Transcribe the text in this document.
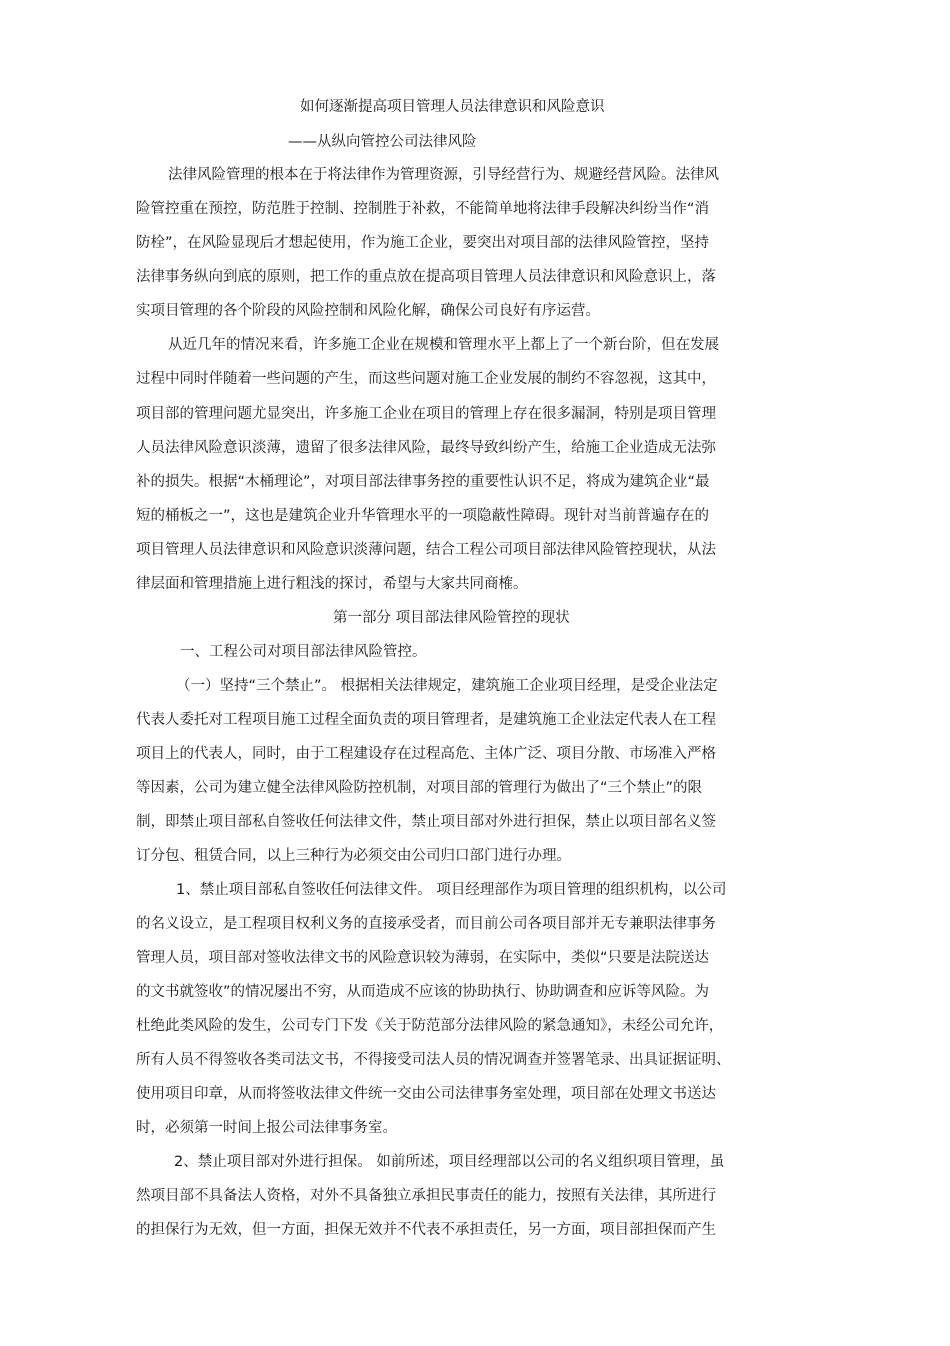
如何逐渐提高项目管理人员法律意识和风险意识
——从纵向管控公司法律风险
法律风险管理的根本在于将法律作为管理资源，引导经营行为、规避经营风险。法律风
险管控重在预控，防范胜于控制、控制胜于补救，不能简单地将法律手段解决纠纷当作“消
防栓”，在风险显现后才想起使用，作为施工企业，要突出对项目部的法律风险管控，坚持
法律事务纵向到底的原则，把工作的重点放在提高项目管理人员法律意识和风险意识上，落
实项目管理的各个阶段的风险控制和风险化解，确保公司良好有序运营。
从近几年的情况来看，许多施工企业在规模和管理水平上都上了一个新台阶，但在发展
过程中同时伴随着一些问题的产生，而这些问题对施工企业发展的制约不容忽视，这其中，
项目部的管理问题尤显突出，许多施工企业在项目的管理上存在很多漏洞，特别是项目管理
人员法律风险意识淡薄，遗留了很多法律风险，最终导致纠纷产生，给施工企业造成无法弥
补的损失。根据“木桶理论”，对项目部法律事务控的重要性认识不足，将成为建筑企业“最
短的桶板之一”，这也是建筑企业升华管理水平的一项隐蔽性障碍。现针对当前普遍存在的
项目管理人员法律意识和风险意识淡薄问题，结合工程公司项目部法律风险管控现状，从法
律层面和管理措施上进行粗浅的探讨，希望与大家共同商榷。
第一部分 项目部法律风险管控的现状
一、工程公司对项目部法律风险管控。
（一）坚持“三个禁止”。 根据相关法律规定，建筑施工企业项目经理，是受企业法定
代表人委托对工程项目施工过程全面负责的项目管理者，是建筑施工企业法定代表人在工程
项目上的代表人，同时，由于工程建设存在过程高危、主体广泛、项目分散、市场准入严格
等因素，公司为建立健全法律风险防控机制，对项目部的管理行为做出了“三个禁止”的限
制，即禁止项目部私自签收任何法律文件，禁止项目部对外进行担保，禁止以项目部名义签
订分包、租赁合同，以上三种行为必须交由公司归口部门进行办理。
1、禁止项目部私自签收任何法律文件。 项目经理部作为项目管理的组织机构，以公司
的名义设立，是工程项目权利义务的直接承受者，而目前公司各项目部并无专兼职法律事务
管理人员，项目部对签收法律文书的风险意识较为薄弱，在实际中，类似“只要是法院送达
的文书就签收”的情况屡出不穷，从而造成不应该的协助执行、协助调查和应诉等风险。为
杜绝此类风险的发生，公司专门下发《关于防范部分法律风险的紧急通知》，未经公司允许，
所有人员不得签收各类司法文书，不得接受司法人员的情况调查并签署笔录、出具证据证明、
使用项目印章，从而将签收法律文件统一交由公司法律事务室处理，项目部在处理文书送达
时，必须第一时间上报公司法律事务室。
2、禁止项目部对外进行担保。 如前所述，项目经理部以公司的名义组织项目管理，虽
然项目部不具备法人资格，对外不具备独立承担民事责任的能力，按照有关法律，其所进行
的担保行为无效，但一方面，担保无效并不代表不承担责任，另一方面，项目部担保而产生
